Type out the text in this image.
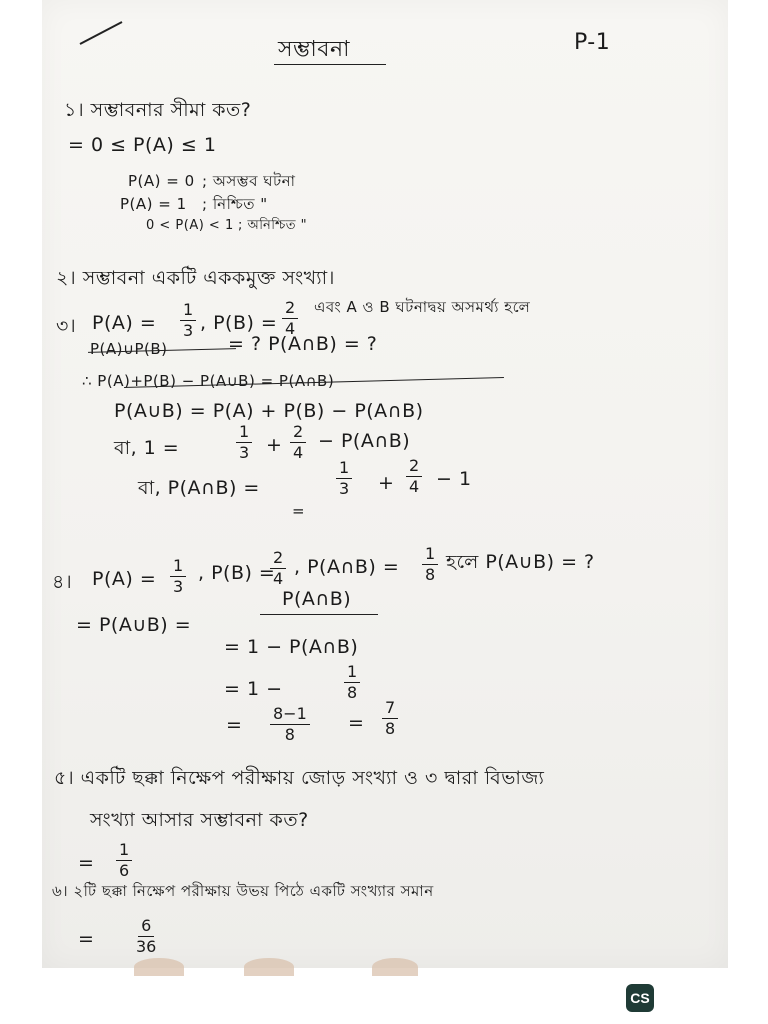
সম্ভাবনা	P-1
১। সম্ভাবনার সীমা কত?
= 0 ≤ P(A) ≤ 1
P(A) = 0 ; অসম্ভব ঘটনা
P(A) = 1 ; নিশ্চিত "
0 < P(A) < 1 ; অনিশ্চিত "
২। সম্ভাবনা একটি এককমুক্ত সংখ্যা।
৩। $P(A) = \frac{1}{3}$ , $P(B) = \frac{2}{4}$ এবং A ও B ঘটনাদ্বয় অসমর্থ্য হলে
P(A)∪P(B)	= ? P(A∩B) = ?
∴ P(A)+P(B) − P(A∪B) = P(A∩B)
P(A∪B) = P(A) + P(B) − P(A∩B)
বা, 1 =	$\frac{1}{3} + \frac{2}{4}$ − P(A∩B)
বা, P(A∩B) =	$\frac{1}{3} + \frac{2}{4} - 1$
=
৪। $P(A) = \frac{1}{3}$ , P(B) =
$\frac{2}{4}$ , P(A∩B) = $\frac{1}{8}$ হলে P(A∪B) = ?
= P(A∪B) =
P(A∩B)
= 1 − P(A∩B)
= 1 −	$\frac{1}{8}$
= $\frac{8-1}{8} = \frac{7}{8}$
৫। একটি ছক্কা নিক্ষেপ পরীক্ষায় জোড় সংখ্যা ও ৩ দ্বারা বিভাজ্য
সংখ্যা আসার সম্ভাবনা কত?
= $\frac{1}{6}$
৬। ২টি ছক্কা নিক্ষেপ পরীক্ষায় উভয় পিঠে একটি সংখ্যার সমান
=	$\frac{6}{36}$
CS
